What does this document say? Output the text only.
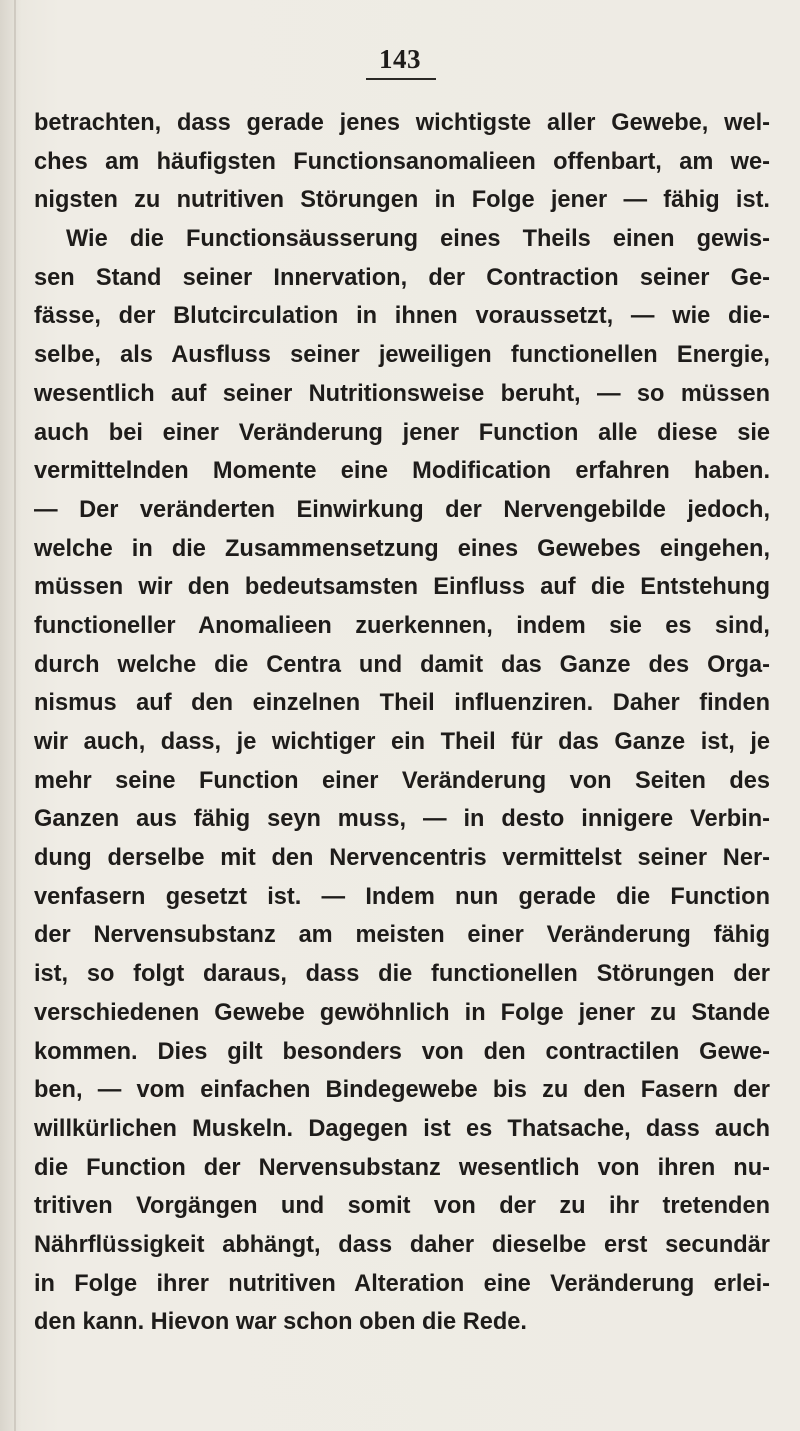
143
betrachten, dass gerade jenes wichtigste aller Gewebe, wel-
ches am häufigsten Functionsanomalieen offenbart, am we-
nigsten zu nutritiven Störungen in Folge jener — fähig ist.
Wie die Functionsäusserung eines Theils einen gewis-
sen Stand seiner Innervation, der Contraction seiner Ge-
fässe, der Blutcirculation in ihnen voraussetzt, — wie die-
selbe, als Ausfluss seiner jeweiligen functionellen Energie,
wesentlich auf seiner Nutritionsweise beruht, — so müssen
auch bei einer Veränderung jener Function alle diese sie
vermittelnden Momente eine Modification erfahren haben.
— Der veränderten Einwirkung der Nervengebilde jedoch,
welche in die Zusammensetzung eines Gewebes eingehen,
müssen wir den bedeutsamsten Einfluss auf die Entstehung
functioneller Anomalieen zuerkennen, indem sie es sind,
durch welche die Centra und damit das Ganze des Orga-
nismus auf den einzelnen Theil influenziren. Daher finden
wir auch, dass, je wichtiger ein Theil für das Ganze ist, je
mehr seine Function einer Veränderung von Seiten des
Ganzen aus fähig seyn muss, — in desto innigere Verbin-
dung derselbe mit den Nervencentris vermittelst seiner Ner-
venfasern gesetzt ist. — Indem nun gerade die Function
der Nervensubstanz am meisten einer Veränderung fähig
ist, so folgt daraus, dass die functionellen Störungen der
verschiedenen Gewebe gewöhnlich in Folge jener zu Stande
kommen. Dies gilt besonders von den contractilen Gewe-
ben, — vom einfachen Bindegewebe bis zu den Fasern der
willkürlichen Muskeln. Dagegen ist es Thatsache, dass auch
die Function der Nervensubstanz wesentlich von ihren nu-
tritiven Vorgängen und somit von der zu ihr tretenden
Nährflüssigkeit abhängt, dass daher dieselbe erst secundär
in Folge ihrer nutritiven Alteration eine Veränderung erlei-
den kann. Hievon war schon oben die Rede.
